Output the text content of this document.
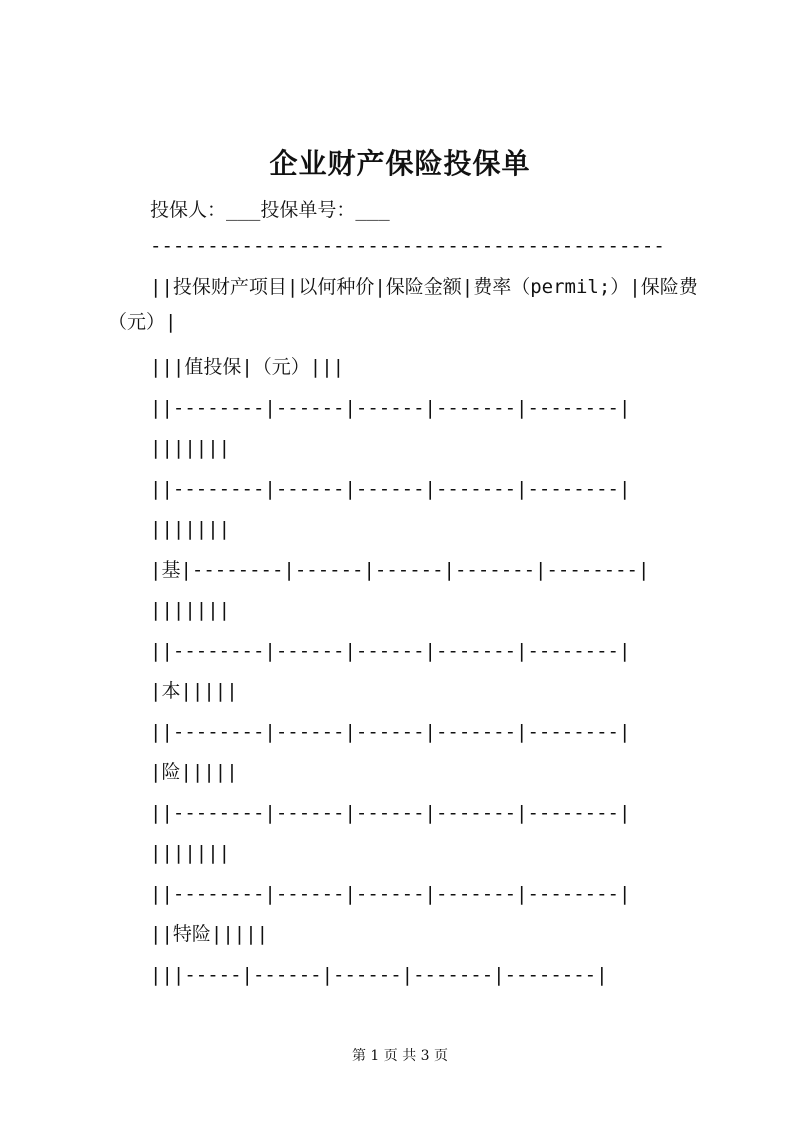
企业财产保险投保单
投保人：___投保单号：___
---------------------------------------------
||投保财产项目|以何种价|保险金额|费率（permil;）|保险费（元）|
|||值投保|（元）|||
||--------|------|------|-------|--------|
|||||||
||--------|------|------|-------|--------|
|||||||
|基|--------|------|------|-------|--------|
|||||||
||--------|------|------|-------|--------|
|本|||||
||--------|------|------|-------|--------|
|险|||||
||--------|------|------|-------|--------|
|||||||
||--------|------|------|-------|--------|
||特险|||||
|||-----|------|------|-------|--------|
第 1 页 共 3 页
